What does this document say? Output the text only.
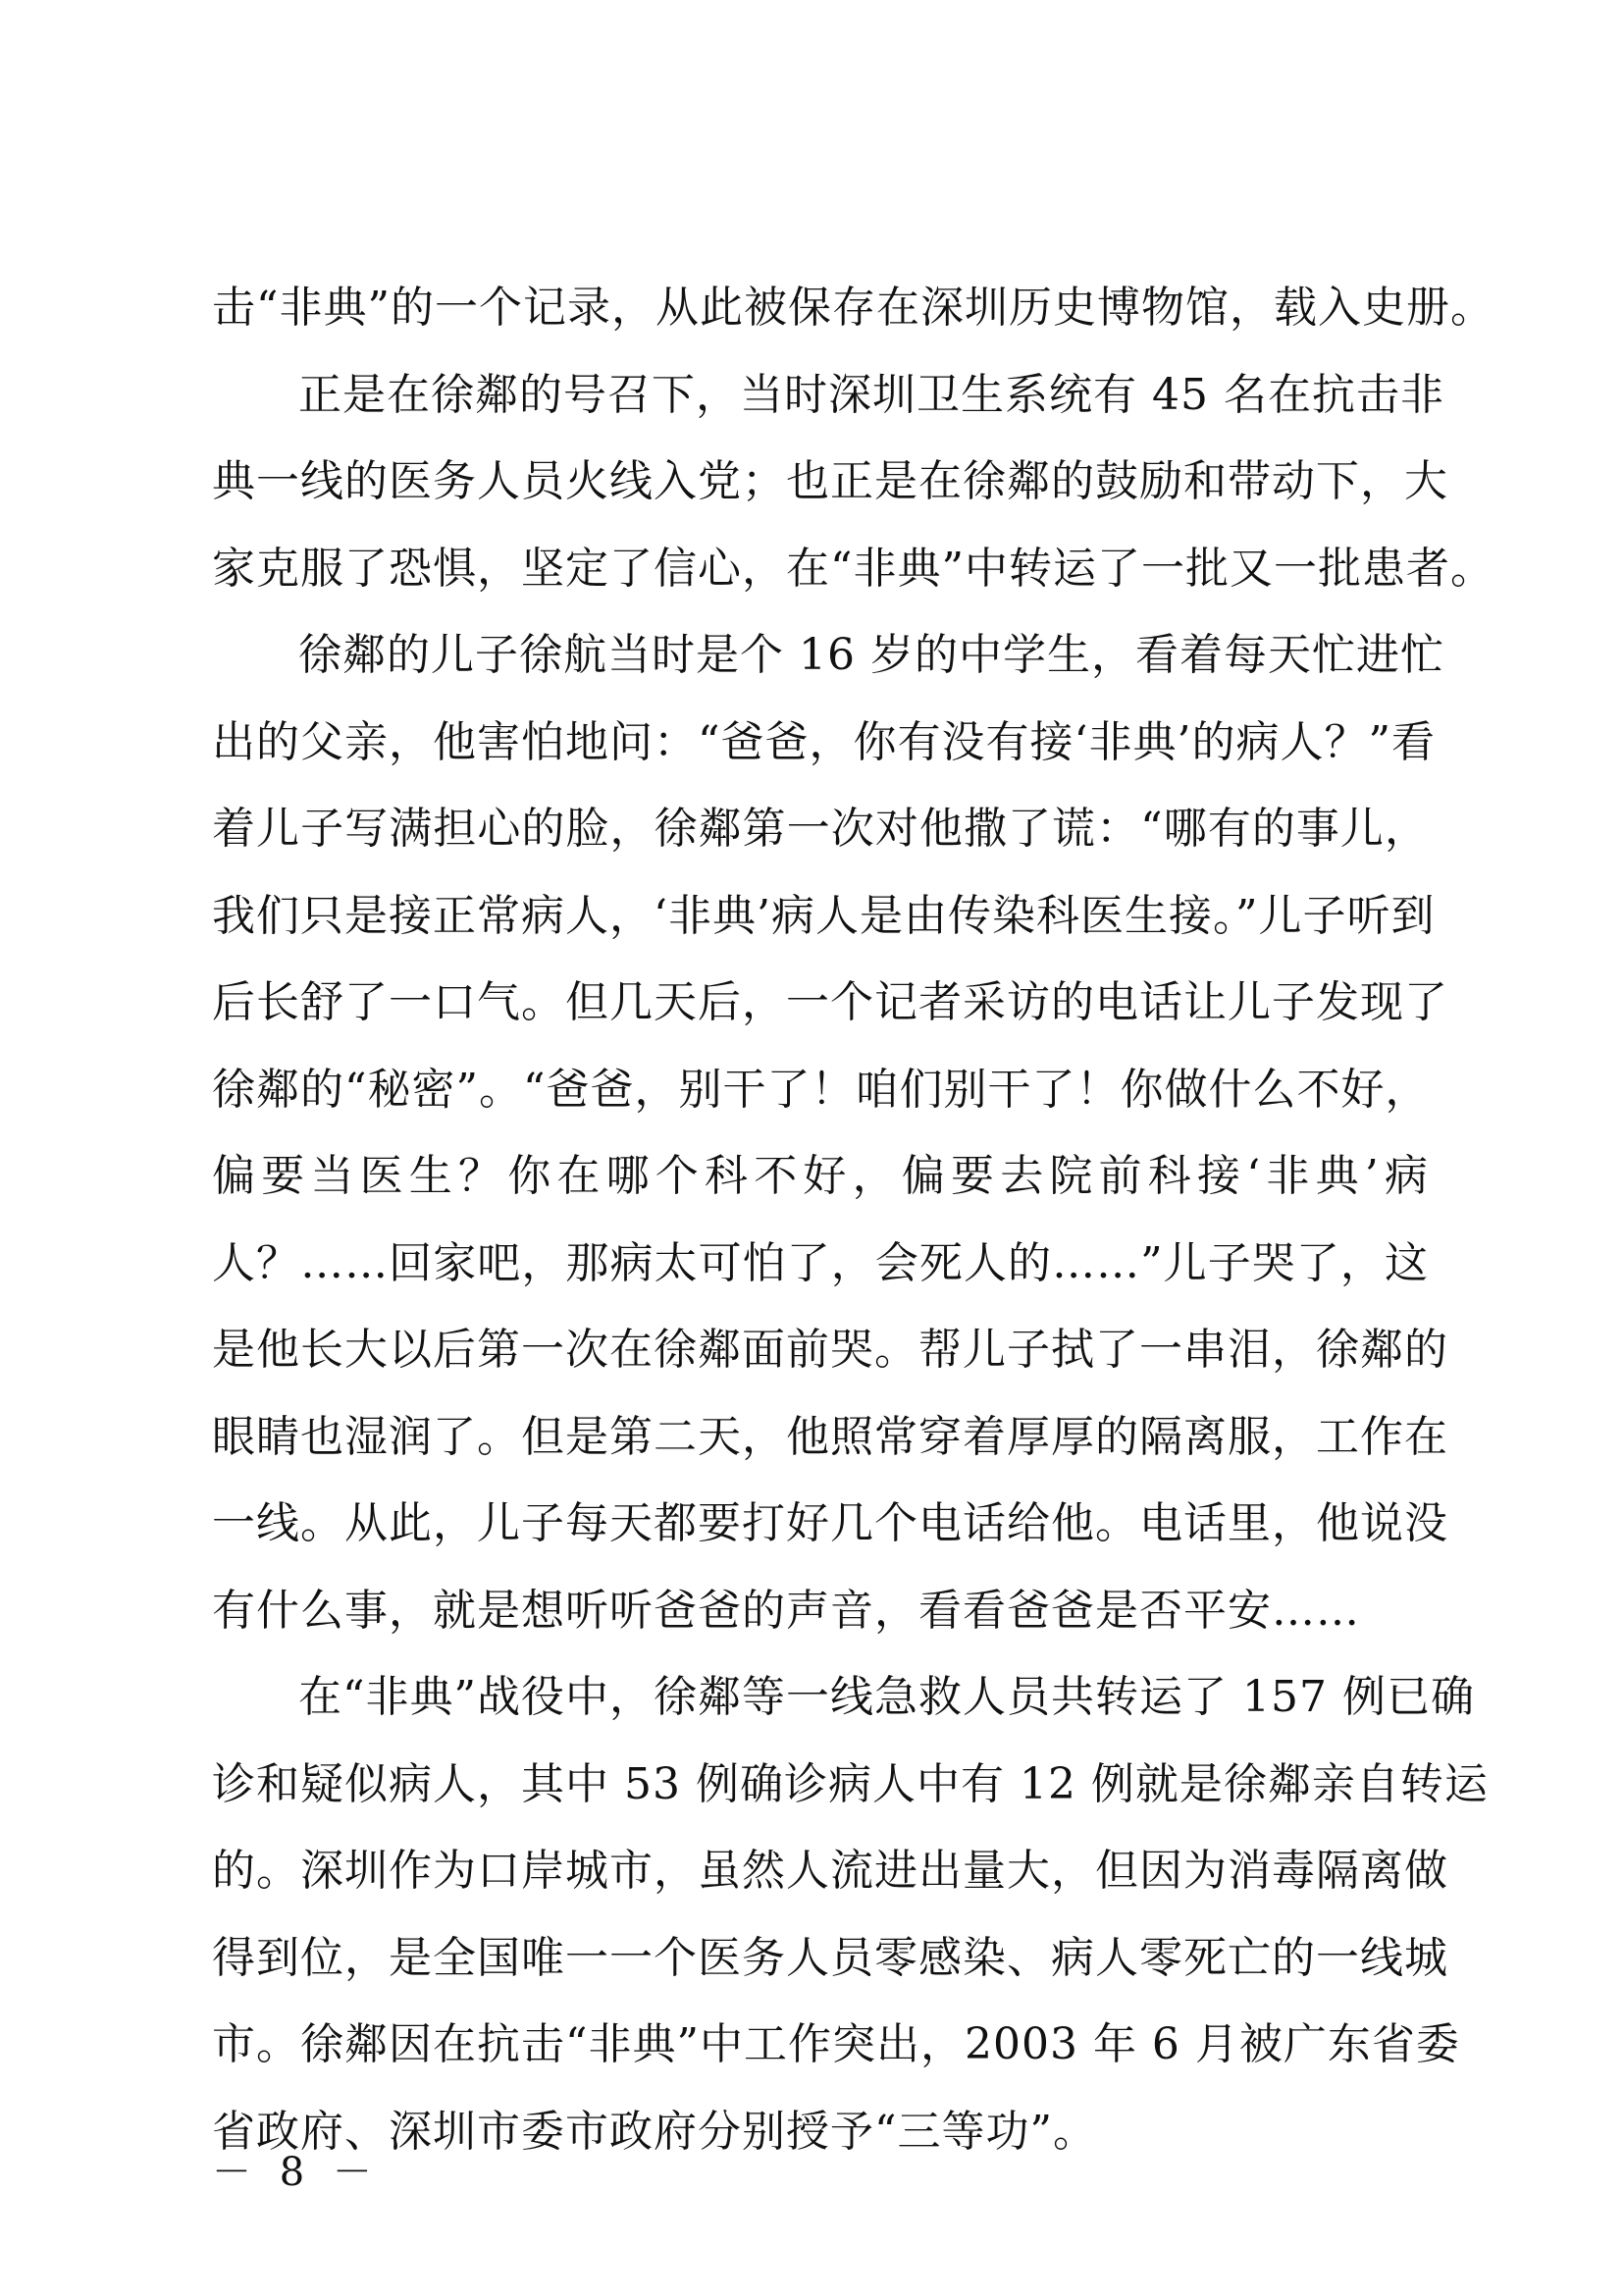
击“非典”的一个记录，从此被保存在深圳历史博物馆，载入史册。
正是在徐鄰的号召下，当时深圳卫生系统有 45 名在抗击非
典一线的医务人员火线入党；也正是在徐鄰的鼓励和带动下，大
家克服了恐惧，坚定了信心，在“非典”中转运了一批又一批患者。
徐鄰的儿子徐航当时是个 16 岁的中学生，看着每天忙进忙
出的父亲，他害怕地问：“爸爸，你有没有接‘非典’的病人？”看
着儿子写满担心的脸，徐鄰第一次对他撒了谎：“哪有的事儿，
我们只是接正常病人，‘非典’病人是由传染科医生接。”儿子听到
后长舒了一口气。但几天后，一个记者采访的电话让儿子发现了
徐鄰的“秘密”。“爸爸，别干了！咱们别干了！你做什么不好，
偏要当医生？你在哪个科不好，偏要去院前科接‘非典’病
人？……回家吧，那病太可怕了，会死人的……”儿子哭了，这
是他长大以后第一次在徐鄰面前哭。帮儿子拭了一串泪，徐鄰的
眼睛也湿润了。但是第二天，他照常穿着厚厚的隔离服，工作在
一线。从此，儿子每天都要打好几个电话给他。电话里，他说没
有什么事，就是想听听爸爸的声音，看看爸爸是否平安……
在“非典”战役中，徐鄰等一线急救人员共转运了 157 例已确
诊和疑似病人，其中 53 例确诊病人中有 12 例就是徐鄰亲自转运
的。深圳作为口岸城市，虽然人流进出量大，但因为消毒隔离做
得到位，是全国唯一一个医务人员零感染、病人零死亡的一线城
市。徐鄰因在抗击“非典”中工作突出，2003 年 6 月被广东省委
省政府、深圳市委市政府分别授予“三等功”。
－ 8 －
